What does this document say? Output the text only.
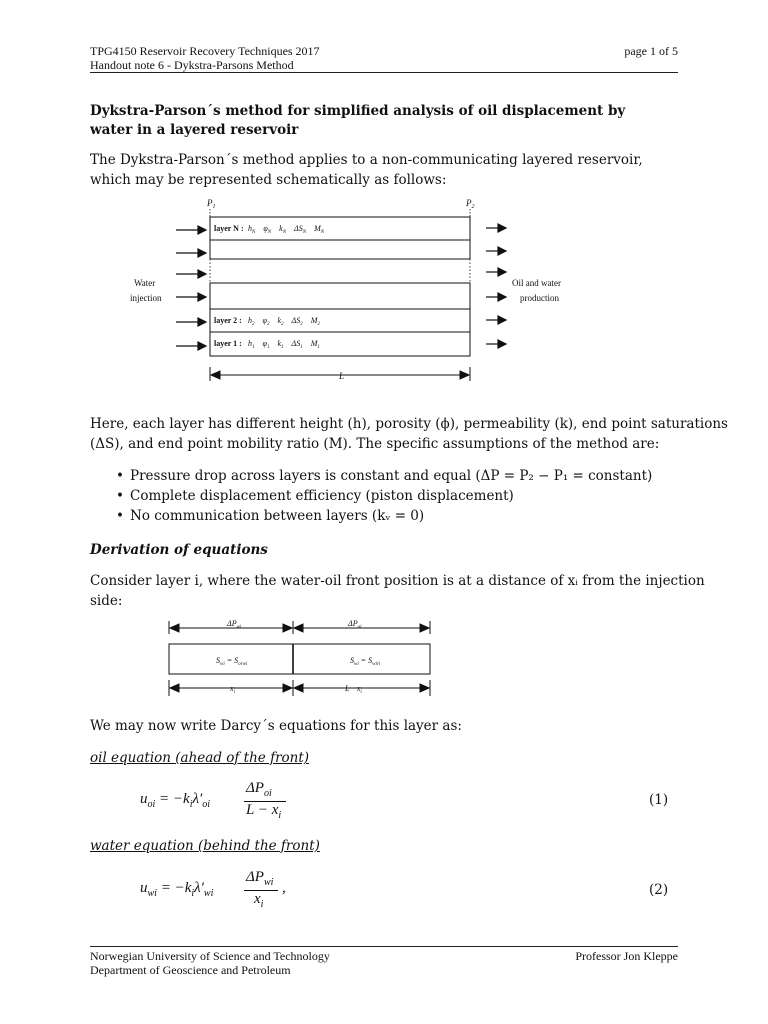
TPG4150 Reservoir Recovery Techniques 2017
Handout note 6 - Dykstra-Parsons Method
page 1 of 5
Dykstra-Parson´s method for simplified analysis of oil displacement by water in a layered reservoir
The Dykstra-Parson´s method applies to a non-communicating layered reservoir, which may be represented schematically as follows:
$P_1$	$P_2$
layer N : $h_N$ $\varphi_N$ $k_N$ $\Delta S_N$ $M_N$
layer 2 : $h_2$ $\varphi_2$ $k_2$ $\Delta S_2$ $M_2$
layer 1 : $h_1$ $\varphi_1$ $k_1$ $\Delta S_1$ $M_1$
Water
injection
Oil and water
production
L
Here, each layer has different height (h), porosity (ϕ), permeability (k), end point saturations
(ΔS), and end point mobility ratio (M). The specific assumptions of the method are:
• Pressure drop across layers is constant and equal (ΔP = P₂ − P₁ = constant)
• Complete displacement efficiency (piston displacement)
• No communication between layers (kᵥ = 0)
Derivation of equations
Consider layer i, where the water-oil front position is at a distance of xᵢ from the injection
side:
$\Delta P_{wi}$	$\Delta P_{oi}$
$S_{wi} = S_{orwi}$	$S_{wi} = S_{wiri}$
$x_i$	$L- x_i$
We may now write Darcy´s equations for this layer as:
oil equation (ahead of the front)
$u_{oi} = -k_i\lambda'_{oi}$
$\Delta P_{oi}$
$L - x_i$
(1)
water equation (behind the front)
$u_{wi} = -k_i\lambda'_{wi}$
$\Delta P_{wi}$
$x_i$
,	(2)
Norwegian University of Science and Technology
Department of Geoscience and Petroleum
Professor Jon Kleppe
